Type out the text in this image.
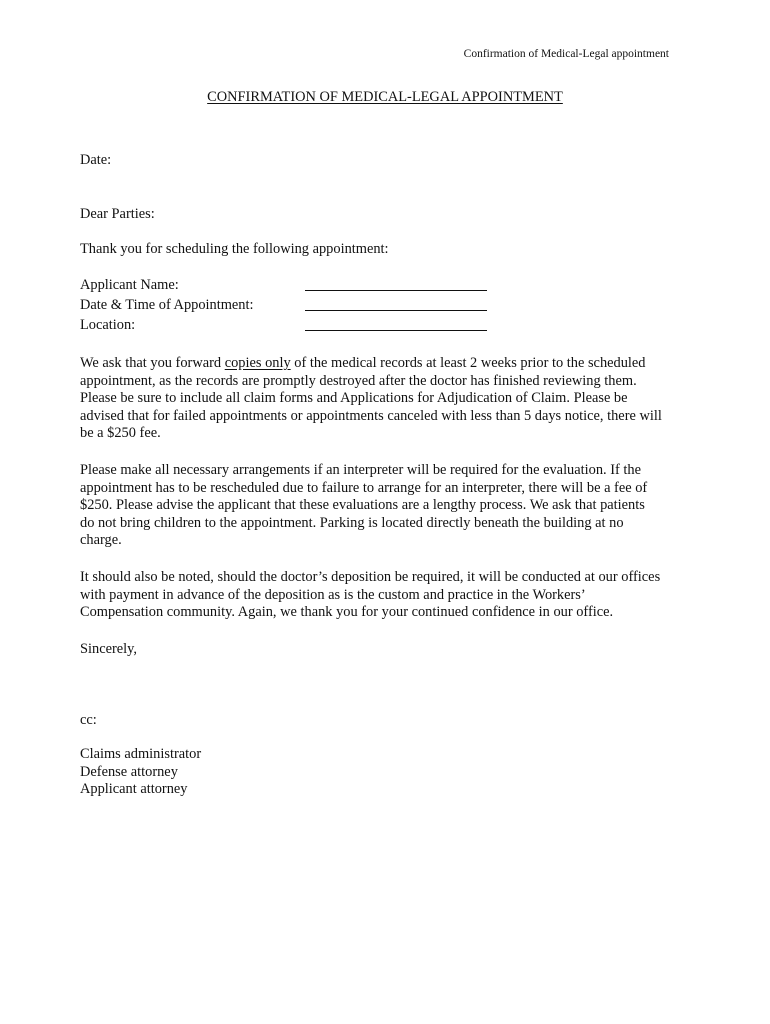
Confirmation of Medical-Legal appointment
CONFIRMATION OF MEDICAL-LEGAL APPOINTMENT
Date:
Dear Parties:
Thank you for scheduling the following appointment:
Applicant Name:
Date & Time of Appointment:
Location:
We ask that you forward copies only of the medical records at least 2 weeks prior to the scheduled
appointment, as the records are promptly destroyed after the doctor has finished reviewing them.
Please be sure to include all claim forms and Applications for Adjudication of Claim. Please be
advised that for failed appointments or appointments canceled with less than 5 days notice, there will
be a $250 fee.
Please make all necessary arrangements if an interpreter will be required for the evaluation. If the
appointment has to be rescheduled due to failure to arrange for an interpreter, there will be a fee of
$250. Please advise the applicant that these evaluations are a lengthy process. We ask that patients
do not bring children to the appointment. Parking is located directly beneath the building at no
charge.
It should also be noted, should the doctor’s deposition be required, it will be conducted at our offices
with payment in advance of the deposition as is the custom and practice in the Workers’
Compensation community. Again, we thank you for your continued confidence in our office.
Sincerely,
cc:
Claims administrator
Defense attorney
Applicant attorney
